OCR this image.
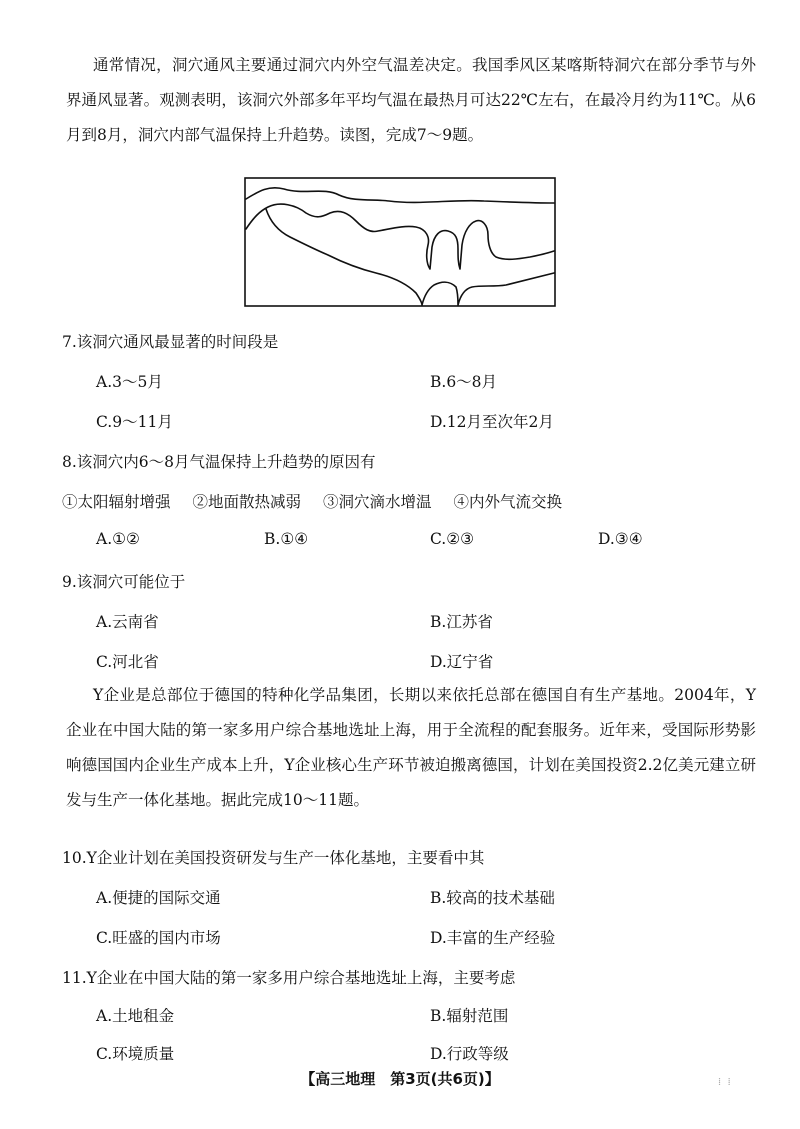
通常情况，洞穴通风主要通过洞穴内外空气温差决定。我国季风区某喀斯特洞穴在部分季节与外界通风显著。观测表明，该洞穴外部多年平均气温在最热月可达22℃左右，在最冷月约为11℃。从6月到8月，洞穴内部气温保持上升趋势。读图，完成7～9题。
7.该洞穴通风最显著的时间段是
A.3～5月	B.6～8月
C.9～11月	D.12月至次年2月
8.该洞穴内6～8月气温保持上升趋势的原因有
①太阳辐射增强 ②地面散热减弱 ③洞穴滴水增温 ④内外气流交换
A.①②	B.①④	C.②③	D.③④
9.该洞穴可能位于
A.云南省	B.江苏省
C.河北省	D.辽宁省
Y企业是总部位于德国的特种化学品集团，长期以来依托总部在德国自有生产基地。2004年，Y企业在中国大陆的第一家多用户综合基地选址上海，用于全流程的配套服务。近年来，受国际形势影响德国国内企业生产成本上升，Y企业核心生产环节被迫搬离德国，计划在美国投资2.2亿美元建立研发与生产一体化基地。据此完成10～11题。
10.Y企业计划在美国投资研发与生产一体化基地，主要看中其
A.便捷的国际交通	B.较高的技术基础
C.旺盛的国内市场	D.丰富的生产经验
11.Y企业在中国大陆的第一家多用户综合基地选址上海，主要考虑
A.土地租金	B.辐射范围
C.环境质量	D.行政等级
【高三地理　第3页(共6页)】	⁞ ⁞
